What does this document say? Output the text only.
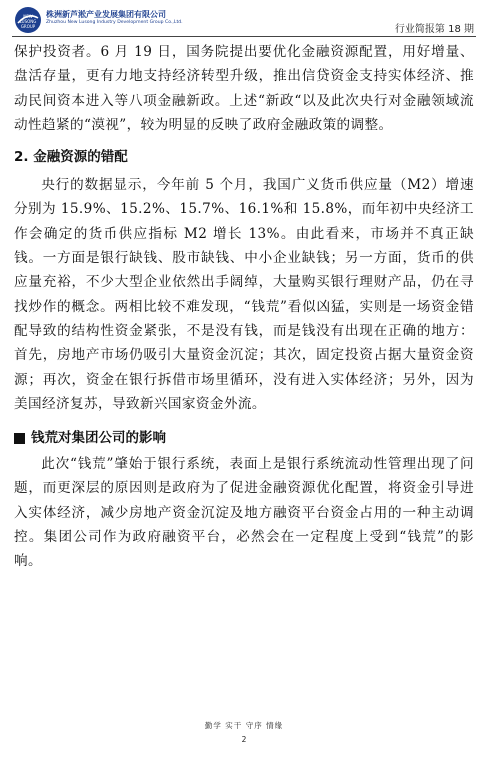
NEW
LUSONG
GROUP
株洲新芦淞产业发展集团有限公司
Zhuzhou New Lusong Industry Development Group Co.,Ltd.
行业简报第 18 期

保护投资者。6 月 19 日，国务院提出要优化金融资源配置，用好增量、盘活存量，更有力地支持经济转型升级，推出信贷资金支持实体经济、推动民间资本进入等八项金融新政。上述“新政“以及此次央行对金融领域流动性趋紧的“漠视”，较为明显的反映了政府金融政策的调整。

2. 金融资源的错配

央行的数据显示，今年前 5 个月，我国广义货币供应量（M2）增速分别为 15.9%、15.2%、15.7%、16.1%和 15.8%，而年初中央经济工作会确定的货币供应指标 M2 增长 13%。由此看来，市场并不真正缺钱。一方面是银行缺钱、股市缺钱、中小企业缺钱；另一方面，货币的供应量充裕，不少大型企业依然出手阔绰，大量购买银行理财产品，仍在寻找炒作的概念。两相比较不难发现，“钱荒”看似凶猛，实则是一场资金错配导致的结构性资金紧张，不是没有钱，而是钱没有出现在正确的地方：首先，房地产市场仍吸引大量资金沉淀；其次，固定投资占据大量资金资源；再次，资金在银行拆借市场里循环，没有进入实体经济；另外，因为美国经济复苏，导致新兴国家资金外流。

钱荒对集团公司的影响

此次“钱荒”肇始于银行系统，表面上是银行系统流动性管理出现了问题，而更深层的原因则是政府为了促进金融资源优化配置，将资金引导进入实体经济，减少房地产资金沉淀及地方融资平台资金占用的一种主动调控。集团公司作为政府融资平台，必然会在一定程度上受到“钱荒”的影响。

勤学 实干 守序 情缘
2
